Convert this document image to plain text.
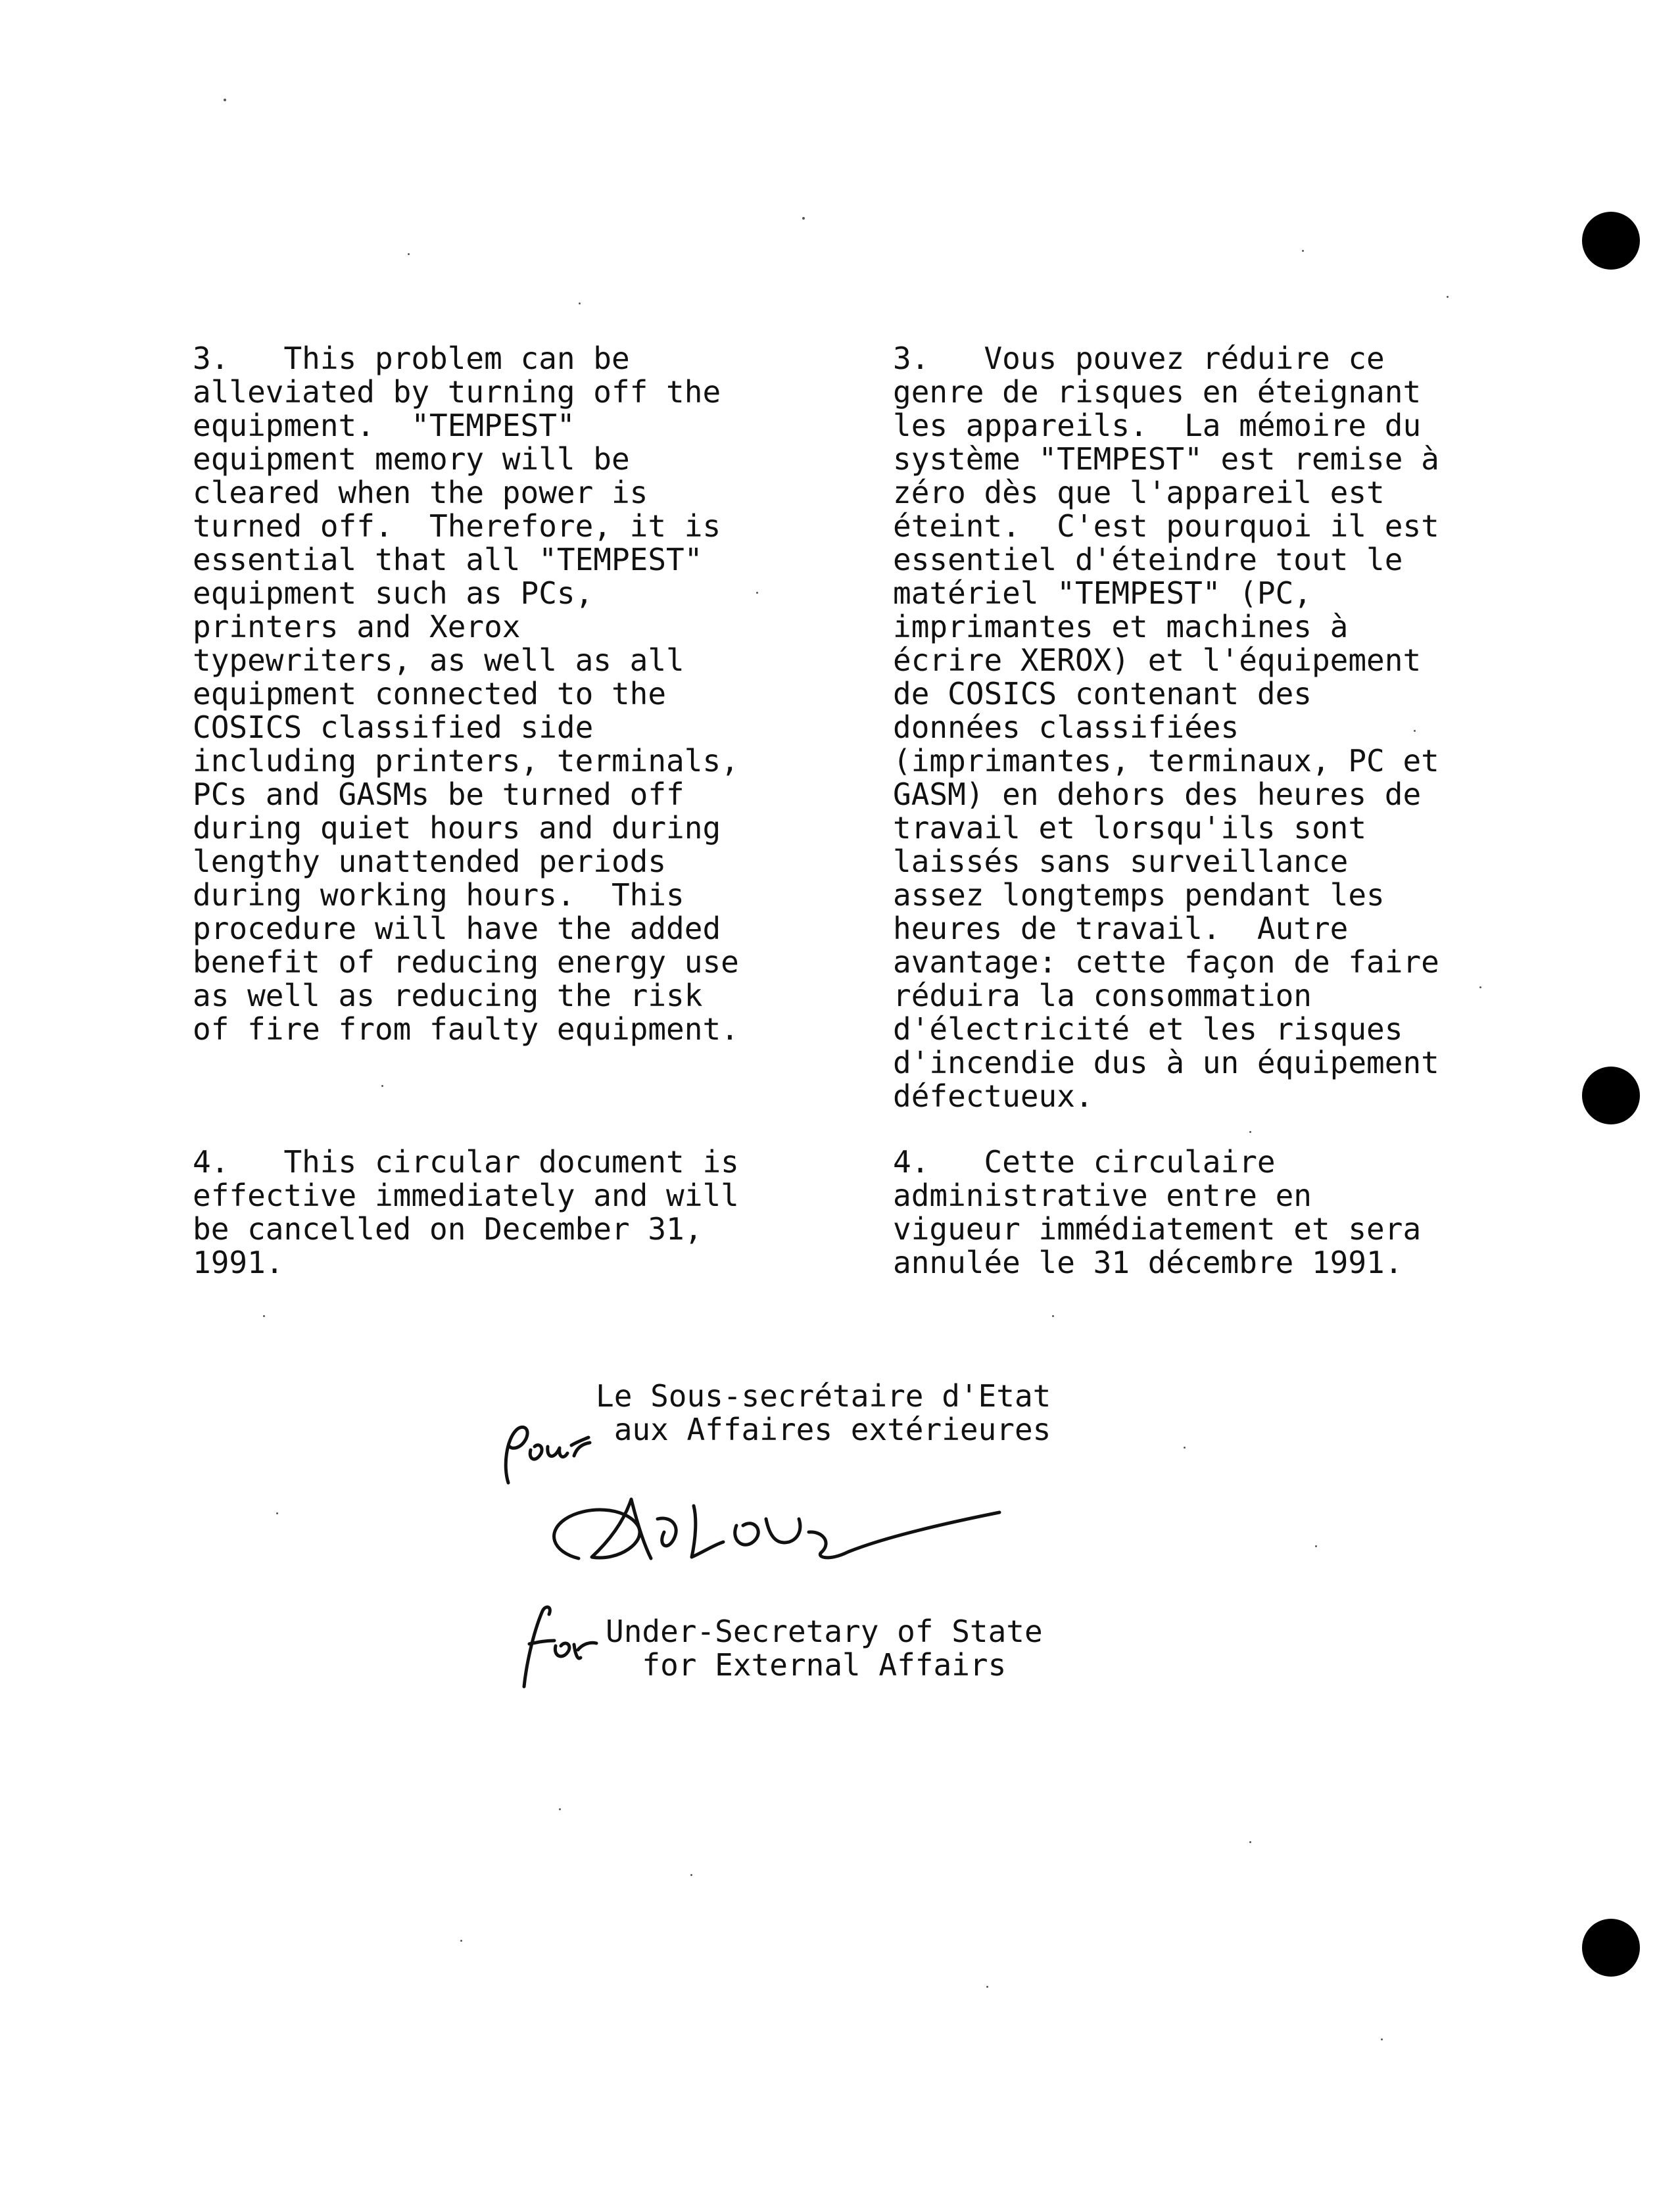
3.   This problem can be
alleviated by turning off the
equipment.  "TEMPEST"
equipment memory will be
cleared when the power is
turned off.  Therefore, it is
essential that all "TEMPEST"
equipment such as PCs,
printers and Xerox
typewriters, as well as all
equipment connected to the
COSICS classified side
including printers, terminals,
PCs and GASMs be turned off
during quiet hours and during
lengthy unattended periods
during working hours.  This
procedure will have the added
benefit of reducing energy use
as well as reducing the risk
of fire from faulty equipment.
4.   This circular document is
effective immediately and will
be cancelled on December 31,
1991.
3.   Vous pouvez réduire ce
genre de risques en éteignant
les appareils.  La mémoire du
système "TEMPEST" est remise à
zéro dès que l'appareil est
éteint.  C'est pourquoi il est
essentiel d'éteindre tout le
matériel "TEMPEST" (PC,
imprimantes et machines à
écrire XEROX) et l'équipement
de COSICS contenant des
données classifiées
(imprimantes, terminaux, PC et
GASM) en dehors des heures de
travail et lorsqu'ils sont
laissés sans surveillance
assez longtemps pendant les
heures de travail.  Autre
avantage: cette façon de faire
réduira la consommation
d'électricité et les risques
d'incendie dus à un équipement
défectueux.
4.   Cette circulaire
administrative entre en
vigueur immédiatement et sera
annulée le 31 décembre 1991.
Le Sous-secrétaire d'Etat
aux Affaires extérieures
Under-Secretary of State
for External Affairs
